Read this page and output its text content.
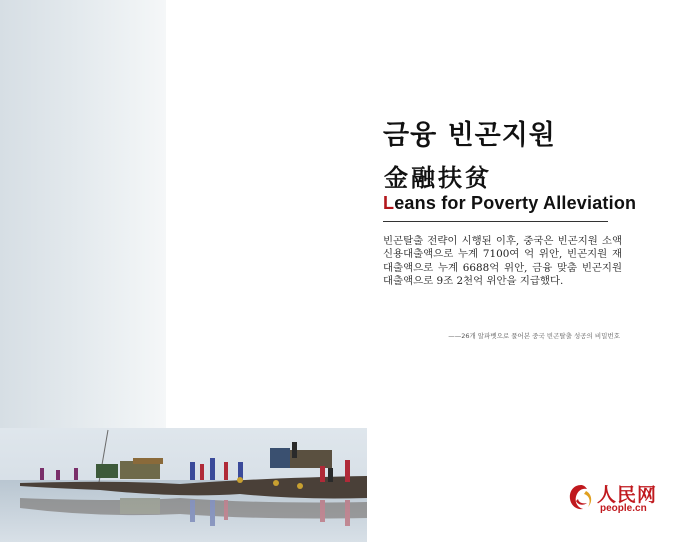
금융 빈곤지원
金融扶贫
Leans for Poverty Alleviation
빈곤탈출 전략이 시행된 이후, 중국은 빈곤지원 소액 신용대출액으로 누계 7100여 억 위안, 빈곤지원 재대출액으로 누계 6688억 위안, 금융 맞춤 빈곤지원 대출액으로 9조 2천억 위안을 지급했다.
——26개 알파벳으로 풀어본 중국 빈곤탈출 성공의 비밀번호
人民网
people.cn
